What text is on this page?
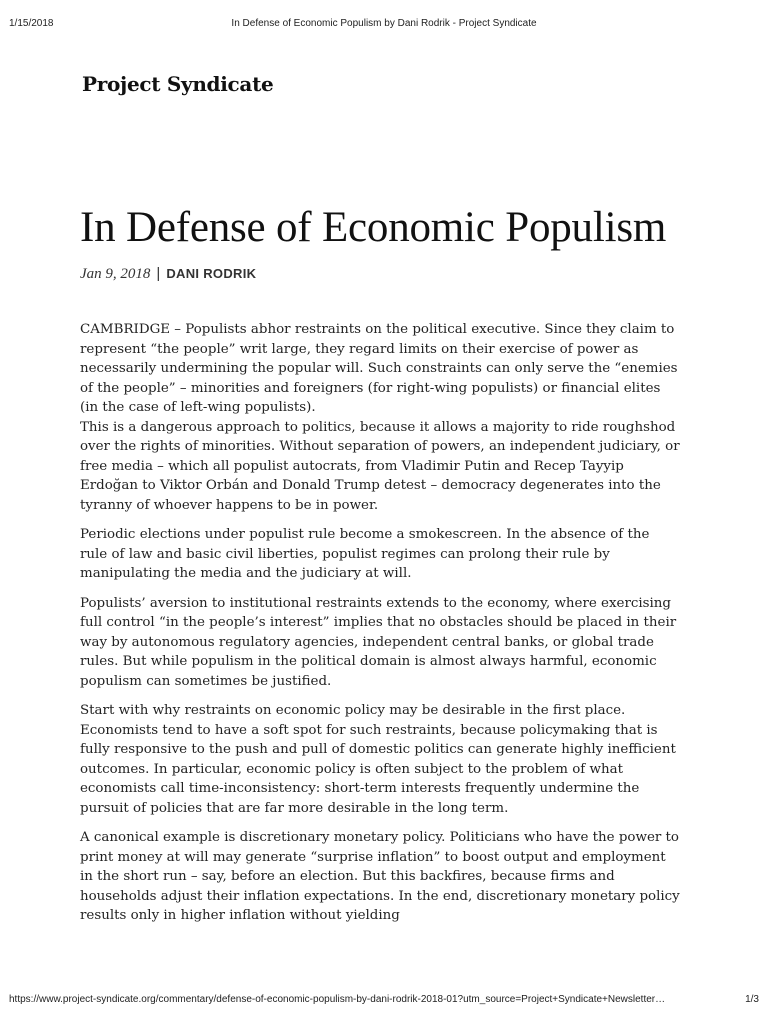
1/15/2018	In Defense of Economic Populism by Dani Rodrik - Project Syndicate
Project Syndicate
In Defense of Economic Populism
Jan 9, 2018 | DANI RODRIK

CAMBRIDGE – Populists abhor restraints on the political executive. Since they claim to represent “the people” writ large, they regard limits on their exercise of power as necessarily undermining the popular will. Such constraints can only serve the “enemies of the people” – minorities and foreigners (for right-wing populists) or financial elites (in the case of left-wing populists).

This is a dangerous approach to politics, because it allows a majority to ride roughshod over the rights of minorities. Without separation of powers, an independent judiciary, or free media – which all populist autocrats, from Vladimir Putin and Recep Tayyip Erdoğan to Viktor Orbán and Donald Trump detest – democracy degenerates into the tyranny of whoever happens to be in power.

Periodic elections under populist rule become a smokescreen. In the absence of the rule of law and basic civil liberties, populist regimes can prolong their rule by manipulating the media and the judiciary at will.

Populists’ aversion to institutional restraints extends to the economy, where exercising full control “in the people’s interest” implies that no obstacles should be placed in their way by autonomous regulatory agencies, independent central banks, or global trade rules. But while populism in the political domain is almost always harmful, economic populism can sometimes be justified.

Start with why restraints on economic policy may be desirable in the first place. Economists tend to have a soft spot for such restraints, because policymaking that is fully responsive to the push and pull of domestic politics can generate highly inefficient outcomes. In particular, economic policy is often subject to the problem of what economists call time-inconsistency: short-term interests frequently undermine the pursuit of policies that are far more desirable in the long term.

A canonical example is discretionary monetary policy. Politicians who have the power to print money at will may generate “surprise inflation” to boost output and employment in the short run – say, before an election. But this backfires, because firms and households adjust their inflation expectations. In the end, discretionary monetary policy results only in higher inflation without yielding

https://www.project-syndicate.org/commentary/defense-of-economic-populism-by-dani-rodrik-2018-01?utm_source=Project+Syndicate+Newsletter…	1/3
